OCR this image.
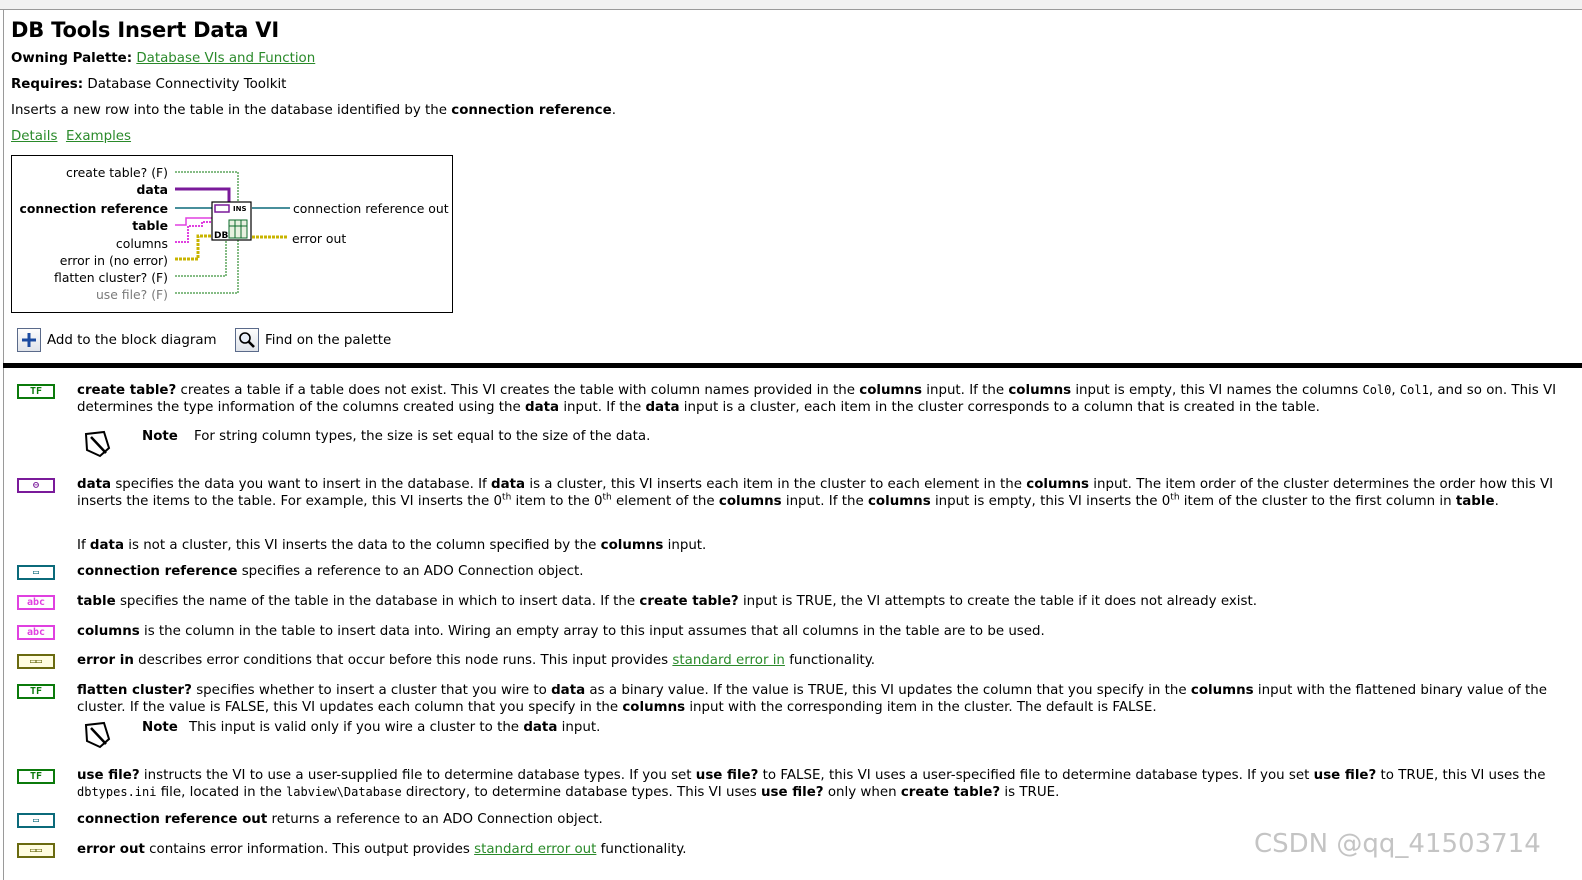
DB Tools Insert Data VI
Owning Palette: Database VIs and Function
Requires: Database Connectivity Toolkit
Inserts a new row into the table in the database identified by the connection reference.
Details Examples
INS
DB
create table? (F)
data
connection reference
table
columns
error in (no error)
flatten cluster? (F)
use file? (F)
connection reference out
error out
Add to the block diagram	Find on the palette
TF	create table? creates a table if a table does not exist. This VI creates the table with column names provided in the columns input. If the columns input is empty, this VI names the columns Col0, Col1, and so on. This VI determines the type information of the columns created using the data input. If the data input is a cluster, each item in the cluster corresponds to a column that is created in the table.
Note For string column types, the size is set equal to the size of the data.
⊖	data specifies the data you want to insert in the database. If data is a cluster, this VI inserts each item in the cluster to each element in the columns input. The item order of the cluster determines the order how this VI inserts the items to the table. For example, this VI inserts the 0th item to the 0th element of the columns input. If the columns input is empty, this VI inserts the 0th item of the cluster to the first column in table.
If data is not a cluster, this VI inserts the data to the column specified by the columns input.
▭	connection reference specifies a reference to an ADO Connection object.
abc	table specifies the name of the table in the database in which to insert data. If the create table? input is TRUE, the VI attempts to create the table if it does not already exist.
abc	columns is the column in the table to insert data into. Wiring an empty array to this input assumes that all columns in the table are to be used.
▭▭	error in describes error conditions that occur before this node runs. This input provides standard error in functionality.
TF	flatten cluster? specifies whether to insert a cluster that you wire to data as a binary value. If the value is TRUE, this VI updates the column that you specify in the columns input with the flattened binary value of the cluster. If the value is FALSE, this VI updates each column that you specify in the columns input with the corresponding item in the cluster. The default is FALSE.
Note This input is valid only if you wire a cluster to the data input.
TF	use file? instructs the VI to use a user-supplied file to determine database types. If you set use file? to FALSE, this VI uses a user-specified file to determine database types. If you set use file? to TRUE, this VI uses the dbtypes.ini file, located in the labview\Database directory, to determine database types. This VI uses use file? only when create table? is TRUE.
▭	connection reference out returns a reference to an ADO Connection object.
▭▭	error out contains error information. This output provides standard error out functionality.	CSDN @qq_41503714
